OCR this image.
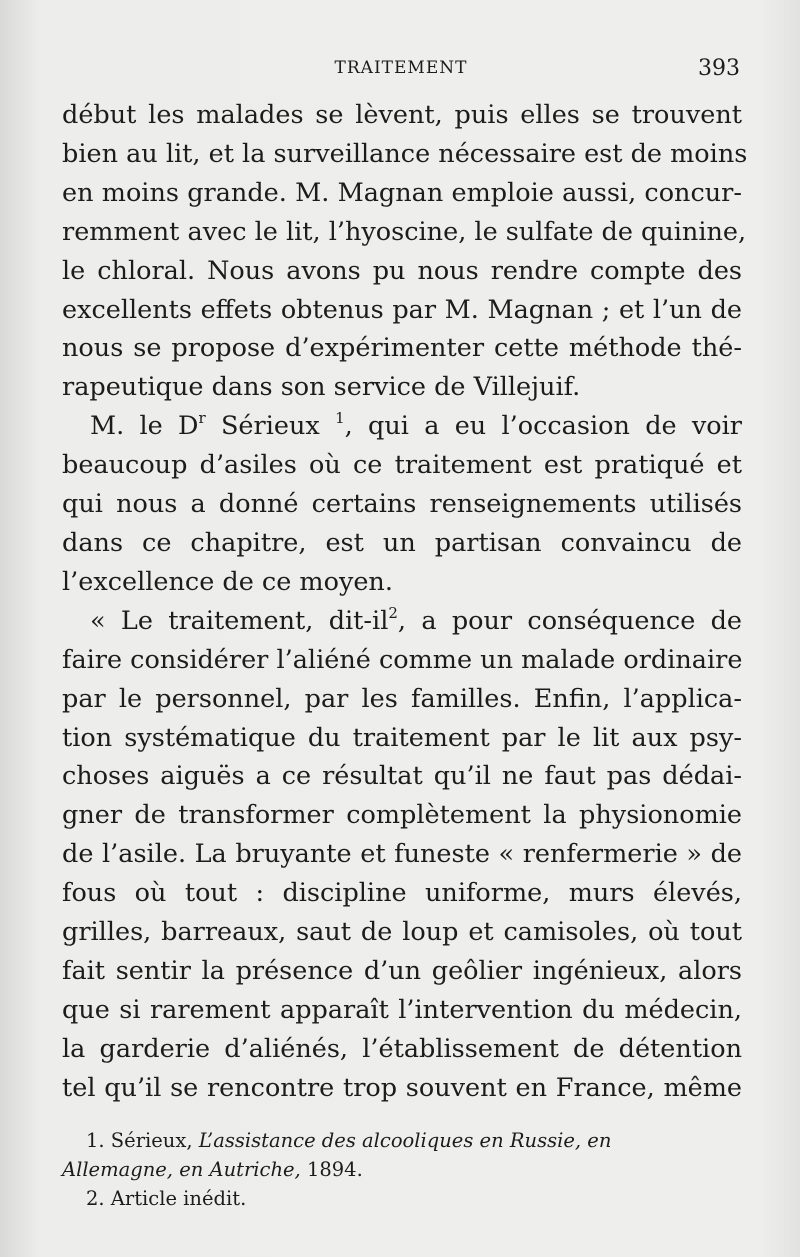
TRAITEMENT	393
début les malades se lèvent, puis elles se trouvent
bien au lit, et la surveillance nécessaire est de moins
en moins grande. M. Magnan emploie aussi, concur-
remment avec le lit, l’hyoscine, le sulfate de quinine,
le chloral. Nous avons pu nous rendre compte des
excellents effets obtenus par M. Magnan ; et l’un de
nous se propose d’expérimenter cette méthode thé-
rapeutique dans son service de Villejuif.
M. le $D^r$ Sérieux $^1$, qui a eu l’occasion de voir
beaucoup d’asiles où ce traitement est pratiqué et
qui nous a donné certains renseignements utilisés
dans ce chapitre, est un partisan convaincu de
l’excellence de ce moyen.
« Le traitement, dit-$il^2$, a pour conséquence de
faire considérer l’aliéné comme un malade ordinaire
par le personnel, par les familles. Enfin, l’applica-
tion systématique du traitement par le lit aux psy-
choses aiguës a ce résultat qu’il ne faut pas dédai-
gner de transformer complètement la physionomie
de l’asile. La bruyante et funeste « renfermerie » de
fous où tout : discipline uniforme, murs élevés,
grilles, barreaux, saut de loup et camisoles, où tout
fait sentir la présence d’un geôlier ingénieux, alors
que si rarement apparaît l’intervention du médecin,
la garderie d’aliénés, l’établissement de détention
tel qu’il se rencontre trop souvent en France, même
1. Sérieux, L’assistance des alcooliques en Russie, en
Allemagne, en Autriche, 1894.
2. Article inédit.
